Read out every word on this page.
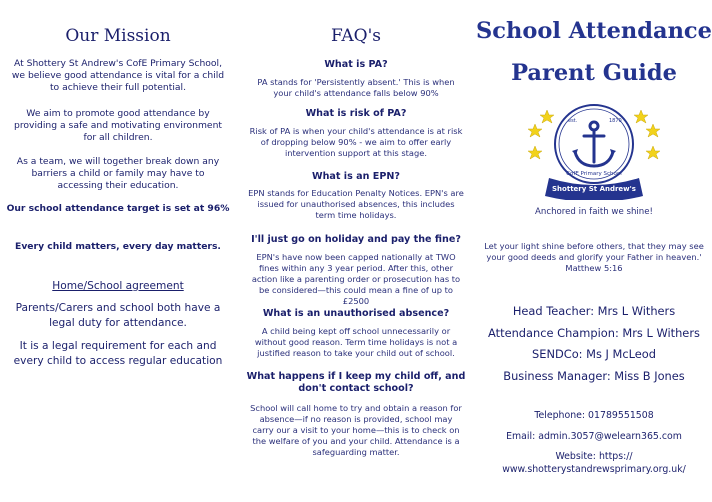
Our Mission

At Shottery St Andrew's CofE Primary School, we believe good attendance is vital for a child to achieve their full potential.

We aim to promote good attendance by providing a safe and motivating environment for all children.

As a team, we will together break down any barriers a child or family may have to accessing their education.

Our school attendance target is set at 96%

Every child matters, every day matters.

Home/School agreement

Parents/Carers and school both have a legal duty for attendance.

It is a legal requirement for each and every child to access regular education

FAQ's

What is PA?

PA stands for 'Persistently absent.' This is when your child's attendance falls below 90%

What is risk of PA?

Risk of PA is when your child's attendance is at risk of dropping below 90% - we aim to offer early intervention support at this stage.

What is an EPN?

EPN stands for Education Penalty Notices. EPN's are issued for unauthorised absences, this includes term time holidays.

I'll just go on holiday and pay the fine?

EPN's have now been capped nationally at TWO fines within any 3 year period. After this, other action like a parenting order or prosecution has to be considered—this could mean a fine of up to £2500

What is an unauthorised absence?

A child being kept off school unnecessarily or without good reason. Term time holidays is not a justified reason to take your child out of school.

What happens if I keep my child off, and don't contact school?

School will call home to try and obtain a reason for absence—if no reason is provided, school may carry our a visit to your home—this is to check on the welfare of you and your child. Attendance is a safeguarding matter.

School Attendance

Parent Guide

est.	1870
CofE Primary School
Shottery St Andrew's

Anchored in faith we shine!

Let your light shine before others, that they may see your good deeds and glorify your Father in heaven.' Matthew 5:16

Head Teacher: Mrs L Withers

Attendance Champion: Mrs L Withers

SENDCo: Ms J McLeod

Business Manager: Miss B Jones

Telephone: 01789551508

Email: admin.3057@welearn365.com

Website: https://

www.shotterystandrewsprimary.org.uk/
